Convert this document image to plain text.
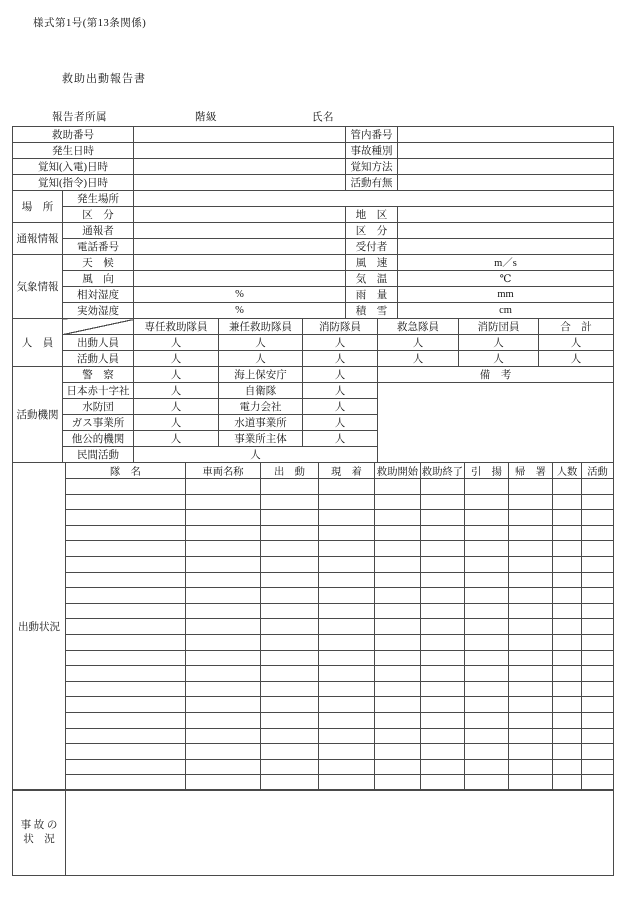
様式第1号(第13条関係)
救助出動報告書
報告者所属	階級	氏名
救助番号					管内番号				
発生日時					事故種別				
覚知(入電)日時					覚知方法				
覚知(指令)日時					活動有無				
場　所	発生場所								
	区　分				地　区				
通報情報	通報者				区　分				
	電話番号				受付者				
気象情報	天　候				風　速		m／s		
	風　向				気　温		℃		
	相対湿度	%			雨　量		mm		
	実効湿度	%			積　雪		cm		
人　員		専任救助隊員	兼任救助隊員	消防隊員		救急隊員		消防団員	合　計
	出動人員	人	人	人		人		人	人
	活動人員	人	人	人		人		人	人
活動機関	警　察	人	海上保安庁	人		備　考			
	日本赤十字社	人	自衛隊	人					
	水防団	人	電力会社	人					
	ガス事業所	人	水道事業所	人					
	他公的機関	人	事業所主体	人					
	民間活動	人							
出動状況	隊　名	車両名称	出　動	現　着	救助開始	救助終了	引　揚	帰　署	人数	活動

事 故 の
状　況
